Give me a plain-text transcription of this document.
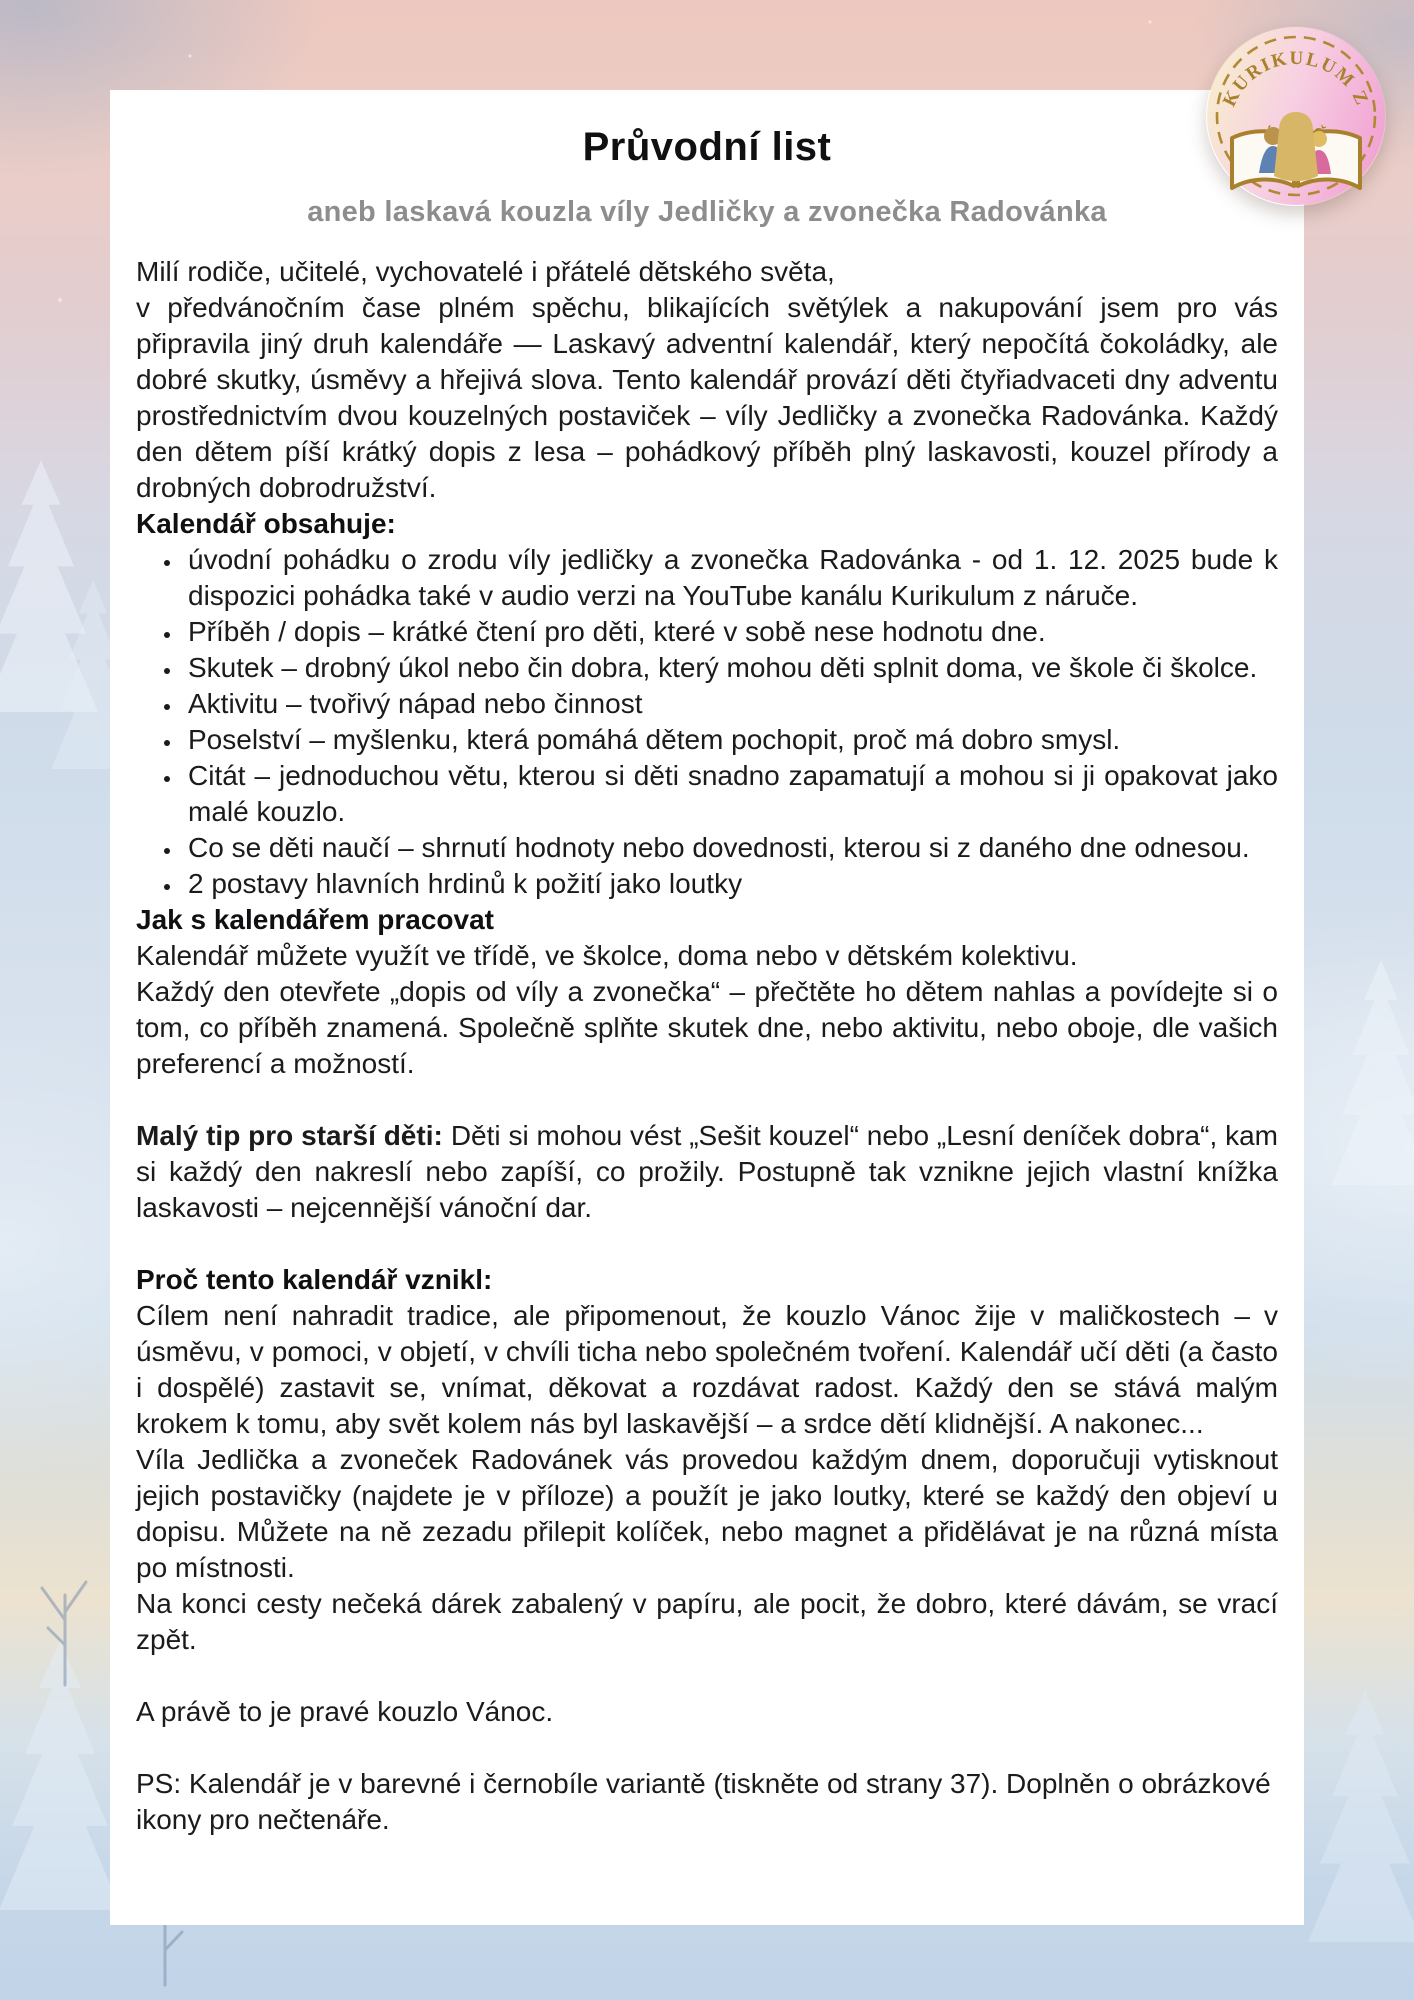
Průvodní list
aneb laskavá kouzla víly Jedličky a zvonečka Radovánka

Milí rodiče, učitelé, vychovatelé i přátelé dětského světa,

v předvánočním čase plném spěchu, blikajících světýlek a nakupování jsem pro vás připravila jiný druh kalendáře — Laskavý adventní kalendář, který nepočítá čokoládky, ale dobré skutky, úsměvy a hřejivá slova. Tento kalendář provází děti čtyřiadvaceti dny adventu prostřednictvím dvou kouzelných postaviček – víly Jedličky a zvonečka Radovánka. Každý den dětem píší krátký dopis z lesa – pohádkový příběh plný laskavosti, kouzel přírody a drobných dobrodružství.

Kalendář obsahuje:
• úvodní pohádku o zrodu víly jedličky a zvonečka Radovánka - od 1. 12. 2025 bude k dispozici pohádka také v audio verzi na YouTube kanálu Kurikulum z náruče.
• Příběh / dopis – krátké čtení pro děti, které v sobě nese hodnotu dne.
• Skutek – drobný úkol nebo čin dobra, který mohou děti splnit doma, ve škole či školce.
• Aktivitu – tvořivý nápad nebo činnost
• Poselství – myšlenku, která pomáhá dětem pochopit, proč má dobro smysl.
• Citát – jednoduchou větu, kterou si děti snadno zapamatují a mohou si ji opakovat jako malé kouzlo.
• Co se děti naučí – shrnutí hodnoty nebo dovednosti, kterou si z daného dne odnesou.
• 2 postavy hlavních hrdinů k požití jako loutky
Jak s kalendářem pracovat

Kalendář můžete využít ve třídě, ve školce, doma nebo v dětském kolektivu.

Každý den otevřete „dopis od víly a zvonečka“ – přečtěte ho dětem nahlas a povídejte si o tom, co příběh znamená. Společně splňte skutek dne, nebo aktivitu, nebo oboje, dle vašich preferencí a možností.

Malý tip pro starší děti: Děti si mohou vést „Sešit kouzel“ nebo „Lesní deníček dobra“, kam si každý den nakreslí nebo zapíší, co prožily. Postupně tak vznikne jejich vlastní knížka laskavosti – nejcennější vánoční dar.

Proč tento kalendář vznikl:

Cílem není nahradit tradice, ale připomenout, že kouzlo Vánoc žije v maličkostech – v úsměvu, v pomoci, v objetí, v chvíli ticha nebo společném tvoření. Kalendář učí děti (a často i dospělé) zastavit se, vnímat, děkovat a rozdávat radost. Každý den se stává malým krokem k tomu, aby svět kolem nás byl laskavější – a srdce dětí klidnější. A nakonec...

Víla Jedlička a zvoneček Radovánek vás provedou každým dnem, doporučuji vytisknout jejich postavičky (najdete je v příloze) a použít je jako loutky, které se každý den objeví u dopisu. Můžete na ně zezadu přilepit kolíček, nebo magnet a přidělávat je na různá místa po místnosti.

Na konci cesty nečeká dárek zabalený v papíru, ale pocit, že dobro, které dávám, se vrací zpět.

A právě to je pravé kouzlo Vánoc.

PS: Kalendář je v barevné i černobíle variantě (tiskněte od strany 37). Doplněn o obrázkové ikony pro nečtenáře.

KURIKULUM Z
